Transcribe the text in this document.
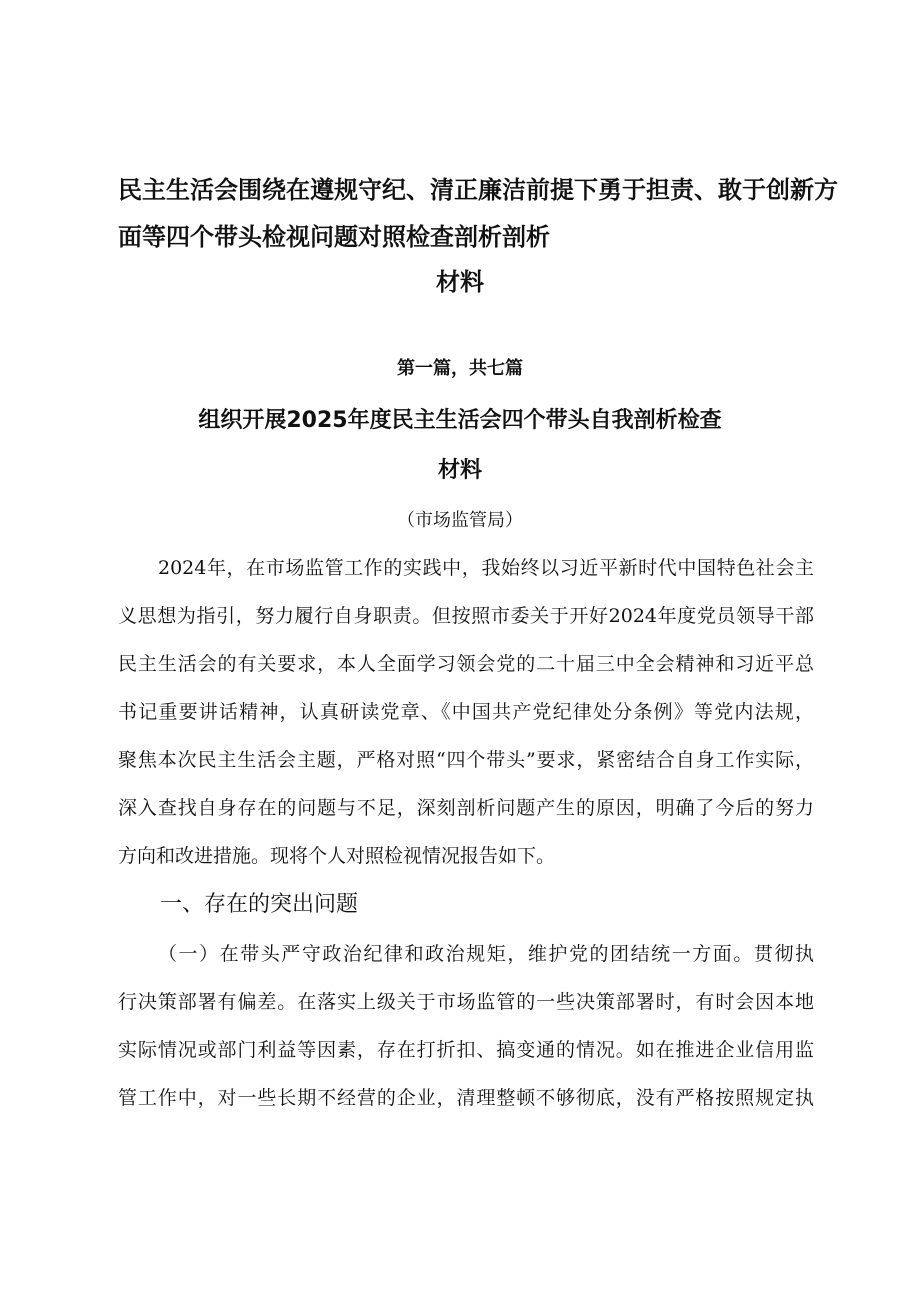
民主生活会围绕在遵规守纪、清正廉洁前提下勇于担责、敢于创新方
面等四个带头检视问题对照检查剖析剖析
材料
第一篇，共七篇
组织开展2025年度民主生活会四个带头自我剖析检查
材料
（市场监管局）
2024年，在市场监管工作的实践中，我始终以习近平新时代中国特色社会主
义思想为指引，努力履行自身职责。但按照市委关于开好2024年度党员领导干部
民主生活会的有关要求，本人全面学习领会党的二十届三中全会精神和习近平总
书记重要讲话精神，认真研读党章、《中国共产党纪律处分条例》等党内法规，
聚焦本次民主生活会主题，严格对照“四个带头”要求，紧密结合自身工作实际，
深入查找自身存在的问题与不足，深刻剖析问题产生的原因，明确了今后的努力
方向和改进措施。现将个人对照检视情况报告如下。
一、存在的突出问题
（一）在带头严守政治纪律和政治规矩，维护党的团结统一方面。贯彻执
行决策部署有偏差。在落实上级关于市场监管的一些决策部署时，有时会因本地
实际情况或部门利益等因素，存在打折扣、搞变通的情况。如在推进企业信用监
管工作中，对一些长期不经营的企业，清理整顿不够彻底，没有严格按照规定执
